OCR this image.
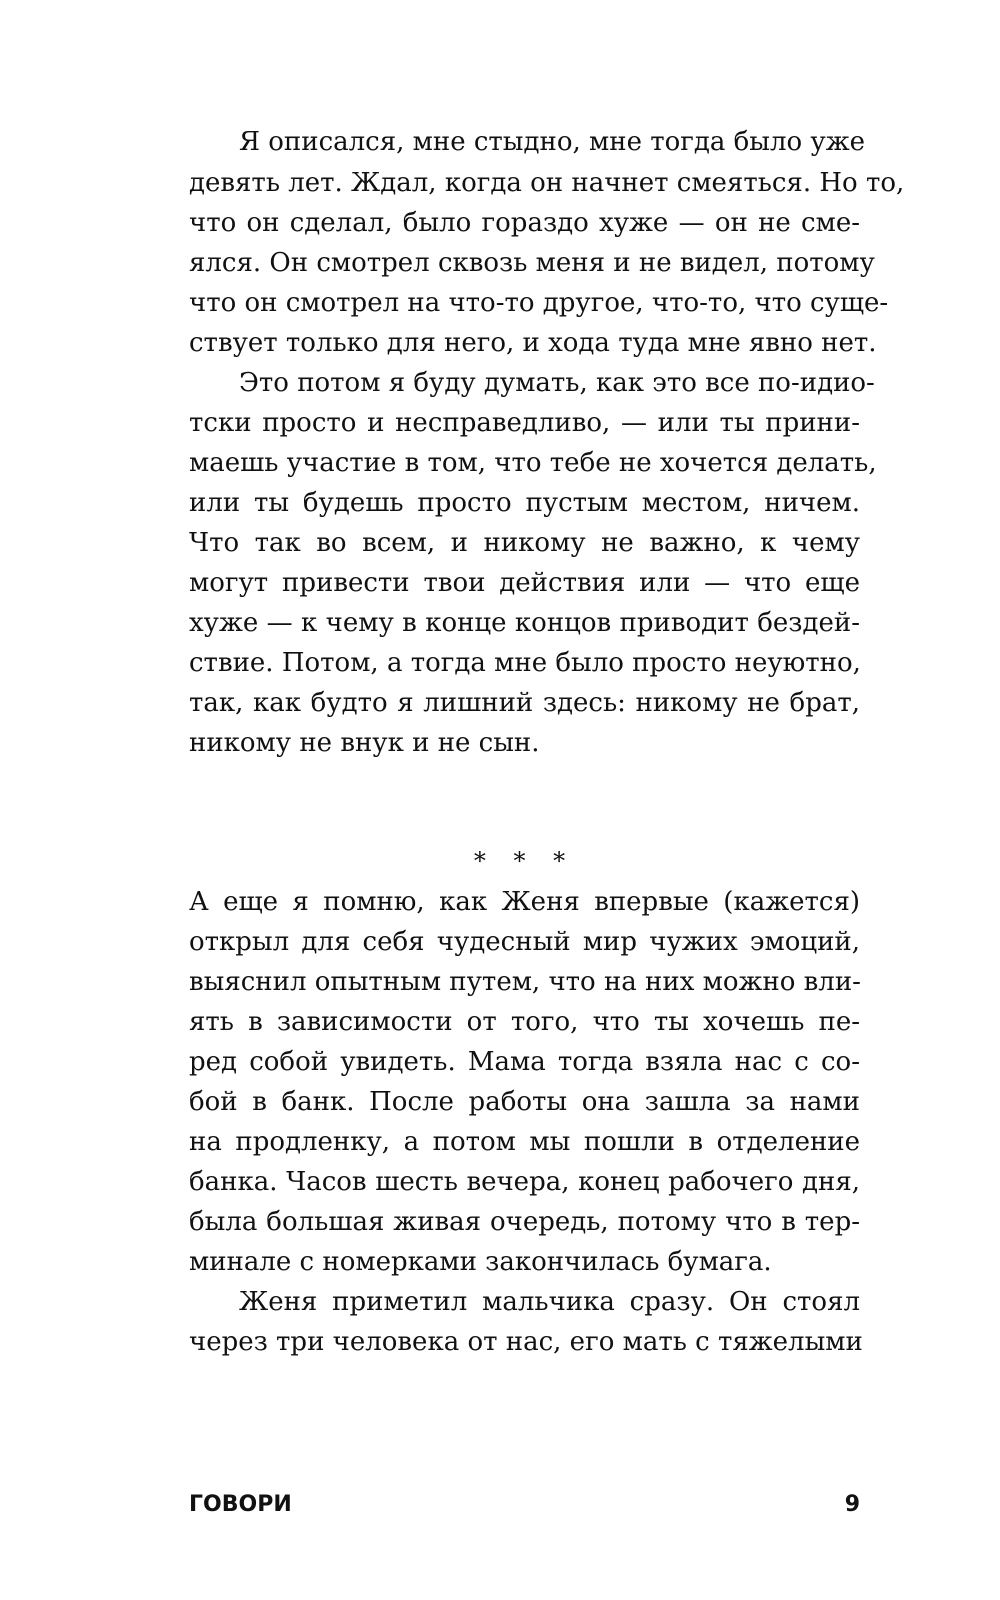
Я описался, мне стыдно, мне тогда было уже
девять лет. Ждал, когда он начнет смеяться. Но то,
что он сделал, было гораздо хуже — он не сме-
ялся. Он смотрел сквозь меня и не видел, потому
что он смотрел на что-то другое, что-то, что суще-
ствует только для него, и хода туда мне явно нет.
Это потом я буду думать, как это все по-идио-
тски просто и несправедливо, — или ты прини-
маешь участие в том, что тебе не хочется делать,
или ты будешь просто пустым местом, ничем.
Что так во всем, и никому не важно, к чему
могут привести твои действия или — что еще
хуже — к чему в конце концов приводит бездей-
ствие. Потом, а тогда мне было просто неуютно,
так, как будто я лишний здесь: никому не брат,
никому не внук и не сын.
* * *
А еще я помню, как Женя впервые (кажется)
открыл для себя чудесный мир чужих эмоций,
выяснил опытным путем, что на них можно вли-
ять в зависимости от того, что ты хочешь пе-
ред собой увидеть. Мама тогда взяла нас с со-
бой в банк. После работы она зашла за нами
на продленку, а потом мы пошли в отделение
банка. Часов шесть вечера, конец рабочего дня,
была большая живая очередь, потому что в тер-
минале с номерками закончилась бумага.
Женя приметил мальчика сразу. Он стоял
через три человека от нас, его мать с тяжелыми
ГОВОРИ	9
